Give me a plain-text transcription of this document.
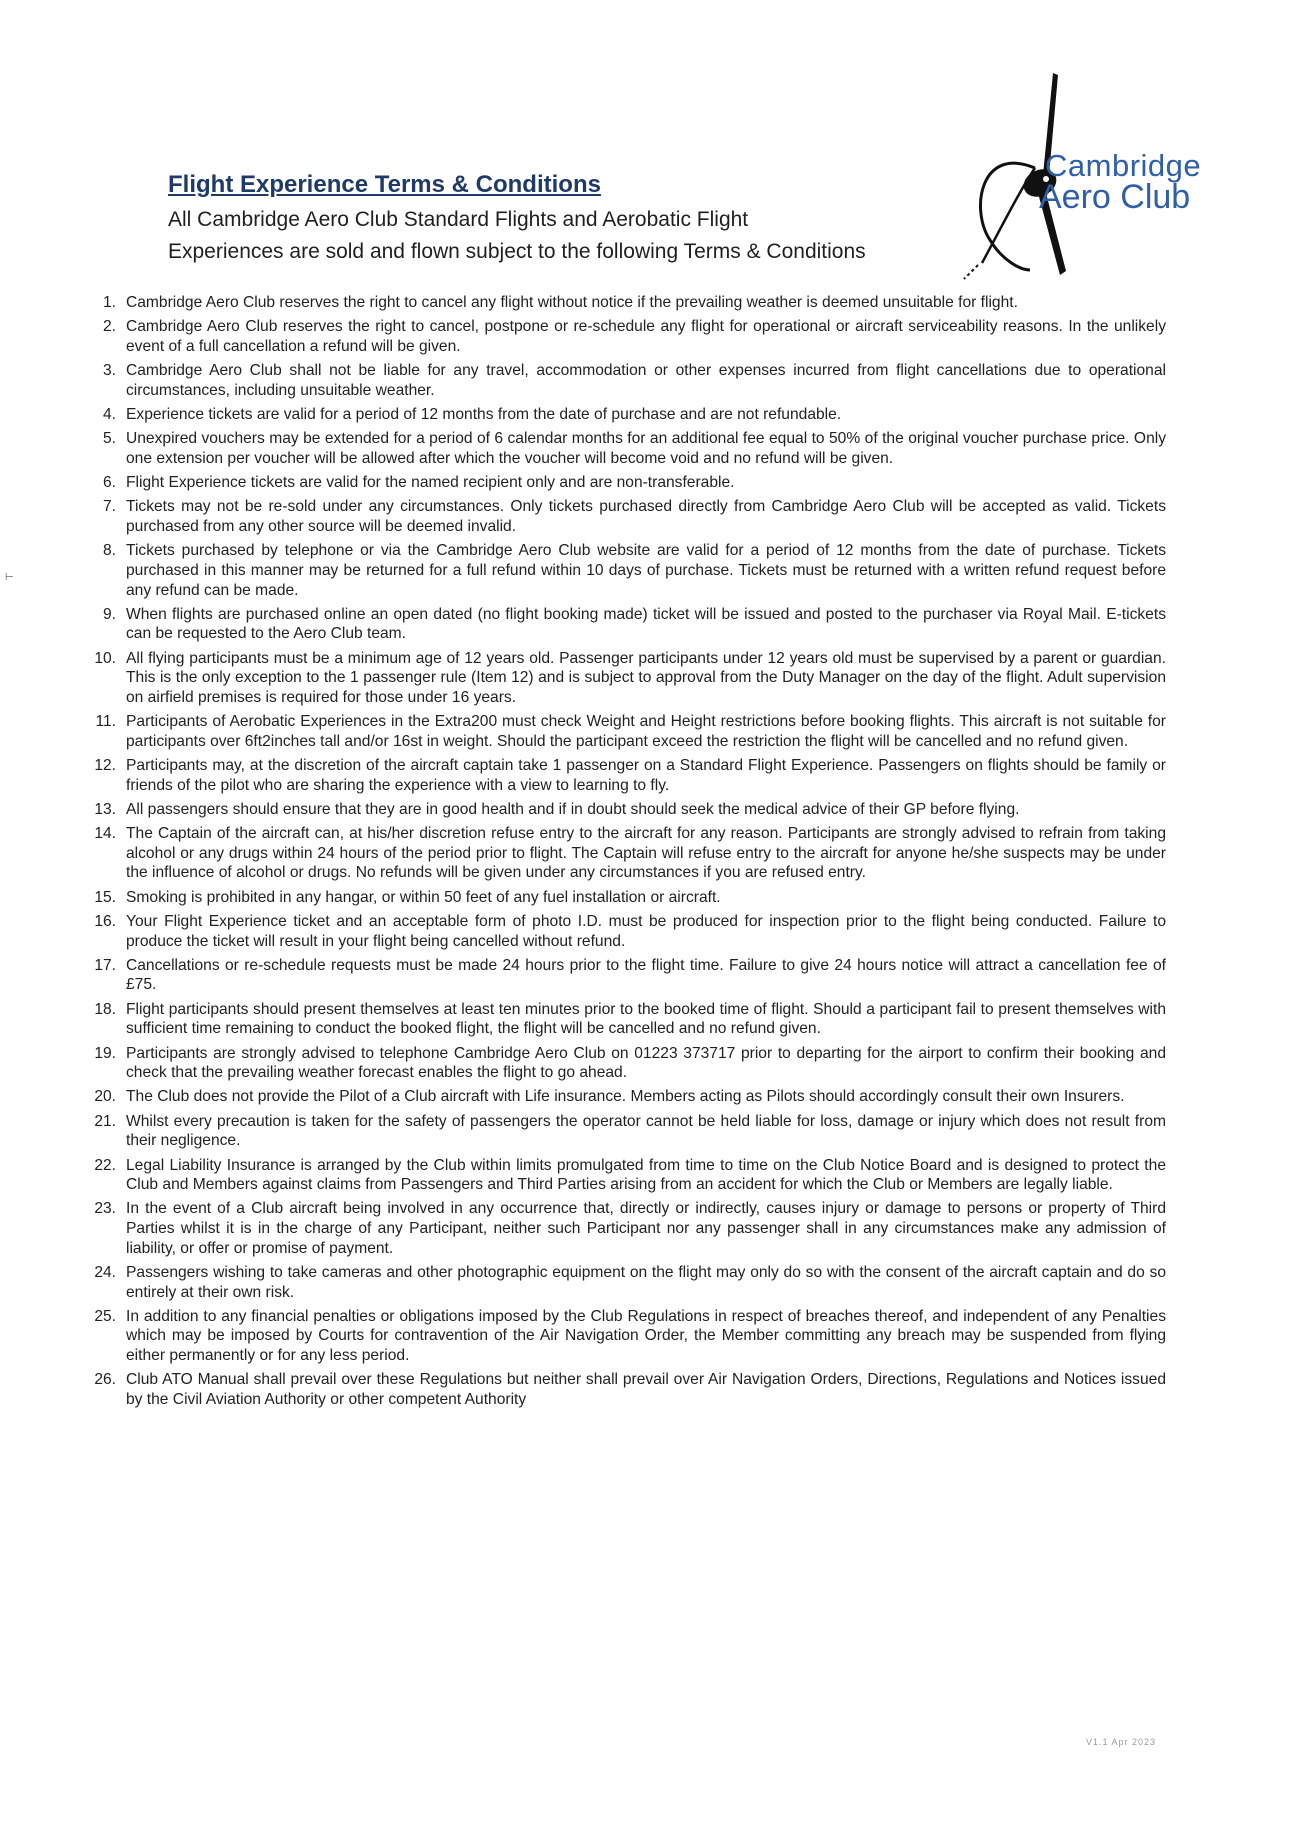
Flight Experience Terms & Conditions

All Cambridge Aero Club Standard Flights and Aerobatic Flight

Experiences are sold and flown subject to the following Terms & Conditions

Cambridge
Aero Club
⊢
1. Cambridge Aero Club reserves the right to cancel any flight without notice if the prevailing weather is deemed unsuitable for flight.
2. Cambridge Aero Club reserves the right to cancel, postpone or re-schedule any flight for operational or aircraft serviceability reasons. In the unlikely event of a full cancellation a refund will be given.
3. Cambridge Aero Club shall not be liable for any travel, accommodation or other expenses incurred from flight cancellations due to operational circumstances, including unsuitable weather.
4. Experience tickets are valid for a period of 12 months from the date of purchase and are not refundable.
5. Unexpired vouchers may be extended for a period of 6 calendar months for an additional fee equal to 50% of the original voucher purchase price. Only one extension per voucher will be allowed after which the voucher will become void and no refund will be given.
6. Flight Experience tickets are valid for the named recipient only and are non-transferable.
7. Tickets may not be re-sold under any circumstances. Only tickets purchased directly from Cambridge Aero Club will be accepted as valid. Tickets purchased from any other source will be deemed invalid.
8. Tickets purchased by telephone or via the Cambridge Aero Club website are valid for a period of 12 months from the date of purchase. Tickets purchased in this manner may be returned for a full refund within 10 days of purchase. Tickets must be returned with a written refund request before any refund can be made.
9. When flights are purchased online an open dated (no flight booking made) ticket will be issued and posted to the purchaser via Royal Mail. E-tickets can be requested to the Aero Club team.
10. All flying participants must be a minimum age of 12 years old. Passenger participants under 12 years old must be supervised by a parent or guardian. This is the only exception to the 1 passenger rule (Item 12) and is subject to approval from the Duty Manager on the day of the flight. Adult supervision on airfield premises is required for those under 16 years.
11. Participants of Aerobatic Experiences in the Extra200 must check Weight and Height restrictions before booking flights. This aircraft is not suitable for participants over 6ft2inches tall and/or 16st in weight. Should the participant exceed the restriction the flight will be cancelled and no refund given.
12. Participants may, at the discretion of the aircraft captain take 1 passenger on a Standard Flight Experience. Passengers on flights should be family or friends of the pilot who are sharing the experience with a view to learning to fly.
13. All passengers should ensure that they are in good health and if in doubt should seek the medical advice of their GP before flying.
14. The Captain of the aircraft can, at his/her discretion refuse entry to the aircraft for any reason. Participants are strongly advised to refrain from taking alcohol or any drugs within 24 hours of the period prior to flight. The Captain will refuse entry to the aircraft for anyone he/she suspects may be under the influence of alcohol or drugs. No refunds will be given under any circumstances if you are refused entry.
15. Smoking is prohibited in any hangar, or within 50 feet of any fuel installation or aircraft.
16. Your Flight Experience ticket and an acceptable form of photo I.D. must be produced for inspection prior to the flight being conducted. Failure to produce the ticket will result in your flight being cancelled without refund.
17. Cancellations or re-schedule requests must be made 24 hours prior to the flight time. Failure to give 24 hours notice will attract a cancellation fee of £75.
18. Flight participants should present themselves at least ten minutes prior to the booked time of flight. Should a participant fail to present themselves with sufficient time remaining to conduct the booked flight, the flight will be cancelled and no refund given.
19. Participants are strongly advised to telephone Cambridge Aero Club on 01223 373717 prior to departing for the airport to confirm their booking and check that the prevailing weather forecast enables the flight to go ahead.
20. The Club does not provide the Pilot of a Club aircraft with Life insurance. Members acting as Pilots should accordingly consult their own Insurers.
21. Whilst every precaution is taken for the safety of passengers the operator cannot be held liable for loss, damage or injury which does not result from their negligence.
22. Legal Liability Insurance is arranged by the Club within limits promulgated from time to time on the Club Notice Board and is designed to protect the Club and Members against claims from Passengers and Third Parties arising from an accident for which the Club or Members are legally liable.
23. In the event of a Club aircraft being involved in any occurrence that, directly or indirectly, causes injury or damage to persons or property of Third Parties whilst it is in the charge of any Participant, neither such Participant nor any passenger shall in any circumstances make any admission of liability, or offer or promise of payment.
24. Passengers wishing to take cameras and other photographic equipment on the flight may only do so with the consent of the aircraft captain and do so entirely at their own risk.
25. In addition to any financial penalties or obligations imposed by the Club Regulations in respect of breaches thereof, and independent of any Penalties which may be imposed by Courts for contravention of the Air Navigation Order, the Member committing any breach may be suspended from flying either permanently or for any less period.
26. Club ATO Manual shall prevail over these Regulations but neither shall prevail over Air Navigation Orders, Directions, Regulations and Notices issued by the Civil Aviation Authority or other competent Authority
V1.1 Apr 2023
